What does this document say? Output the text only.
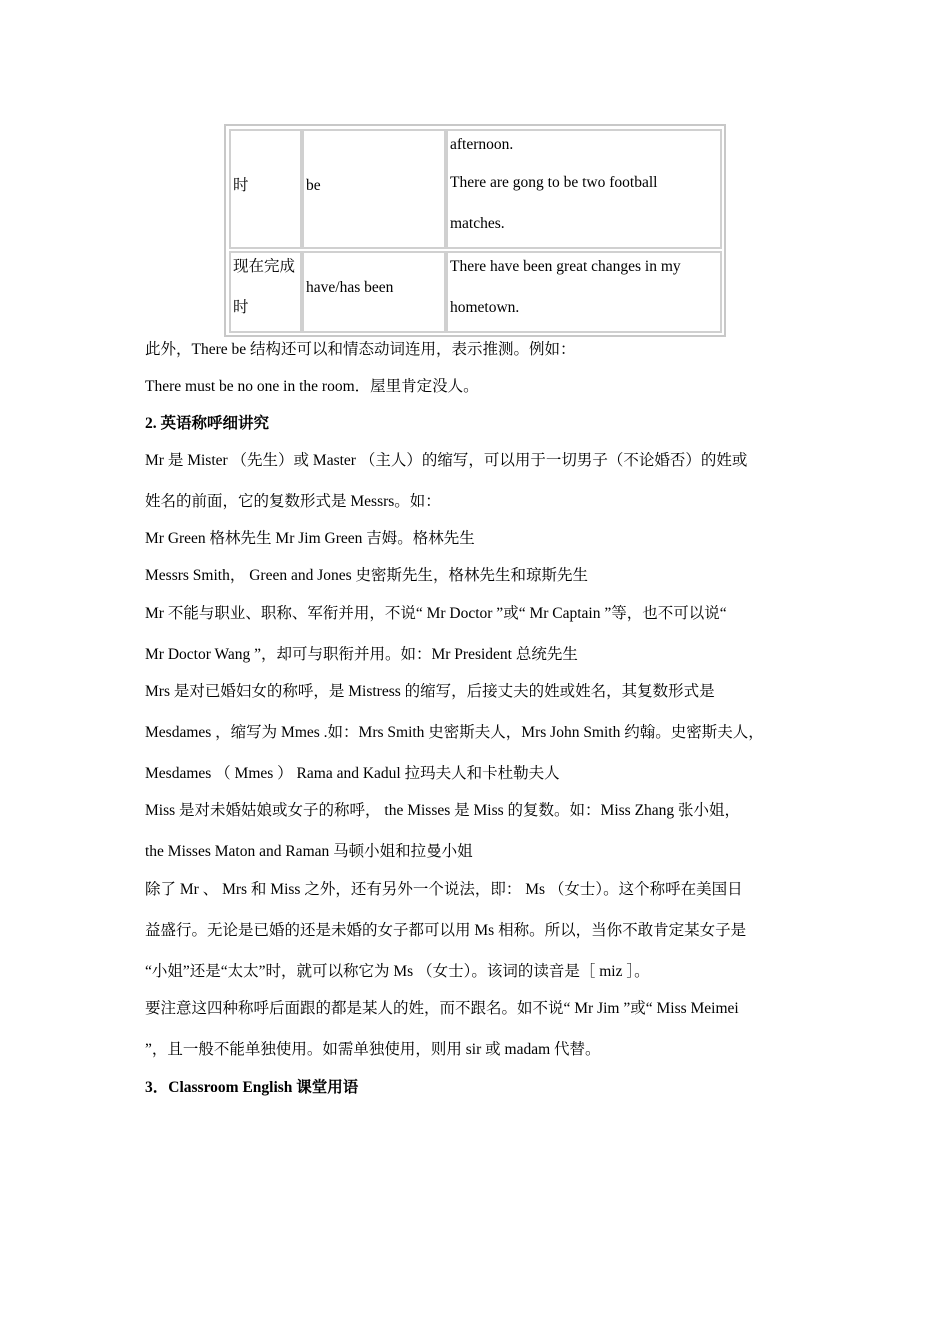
时	be
afternoon.
There are gong to be two football
matches.
现在完成
时
have/has been
There have been great changes in my
hometown.
此外，There be 结构还可以和情态动词连用，表示推测。例如：
There must be no one in the room．屋里肯定没人。
2. 英语称呼细讲究
Mr 是 Mister （先生）或 Master （主人）的缩写，可以用于一切男子（不论婚否）的姓或
姓名的前面，它的复数形式是 Messrs。如：
Mr Green 格林先生 Mr Jim Green 吉姆。格林先生
Messrs Smith， Green and Jones 史密斯先生，格林先生和琼斯先生
Mr 不能与职业、职称、军衔并用，不说“ Mr Doctor ”或“ Mr Captain ”等，也不可以说“
Mr Doctor Wang ”，却可与职衔并用。如：Mr President 总统先生
Mrs 是对已婚妇女的称呼，是 Mistress 的缩写，后接丈夫的姓或姓名，其复数形式是
Mesdames ，缩写为 Mmes .如：Mrs Smith 史密斯夫人，Mrs John Smith 约翰。史密斯夫人，
Mesdames （ Mmes ） Rama and Kadul 拉玛夫人和卡杜勒夫人
Miss 是对未婚姑娘或女子的称呼， the Misses 是 Miss 的复数。如：Miss Zhang 张小姐，
the Misses Maton and Raman 马顿小姐和拉曼小姐
除了 Mr 、 Mrs 和 Miss 之外，还有另外一个说法，即： Ms （女士）。这个称呼在美国日
益盛行。无论是已婚的还是未婚的女子都可以用 Ms 相称。所以，当你不敢肯定某女子是
“小姐”还是“太太”时，就可以称它为 Ms （女士）。该词的读音是［ miz ］。
要注意这四种称呼后面跟的都是某人的姓，而不跟名。如不说“ Mr Jim ”或“ Miss Meimei
”，且一般不能单独使用。如需单独使用，则用 sir 或 madam 代替。
3．Classroom English 课堂用语
